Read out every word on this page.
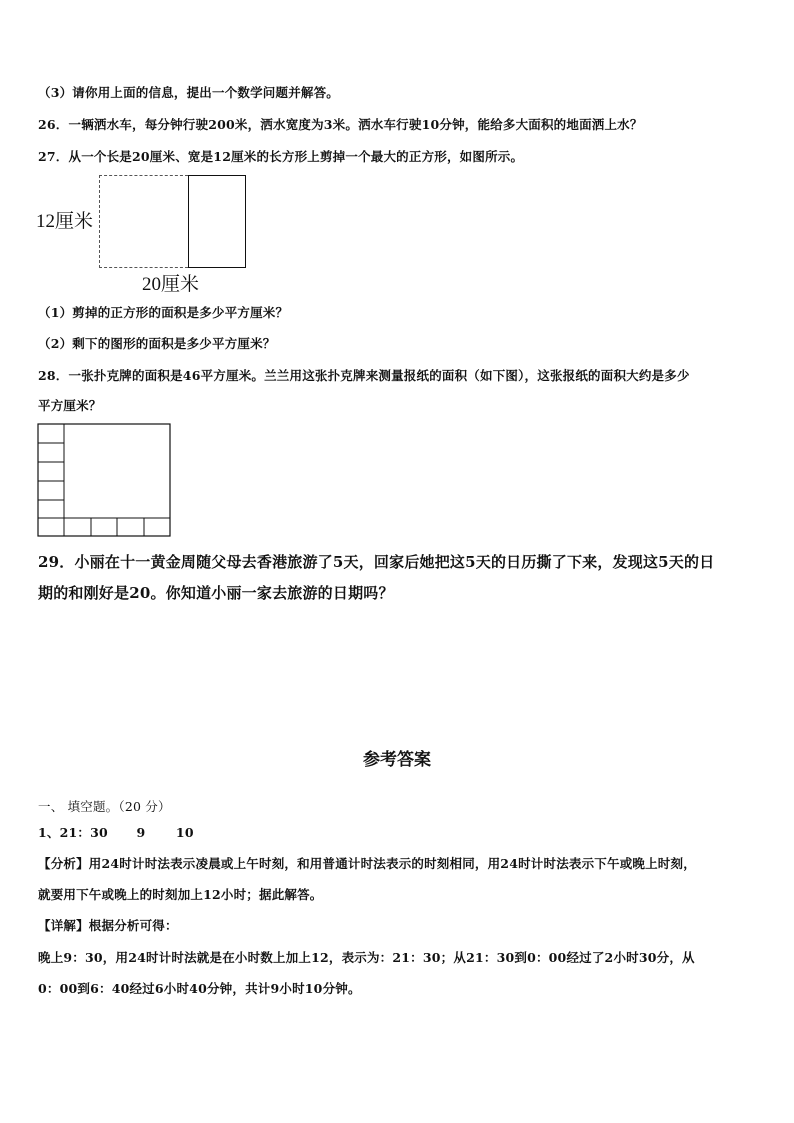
（3）请你用上面的信息，提出一个数学问题并解答。
26．一辆洒水车，每分钟行驶200米，洒水宽度为3米。洒水车行驶10分钟，能给多大面积的地面洒上水？
27．从一个长是20厘米、宽是12厘米的长方形上剪掉一个最大的正方形，如图所示。
12厘米
20厘米
（1）剪掉的正方形的面积是多少平方厘米？
（2）剩下的图形的面积是多少平方厘米？
28．一张扑克牌的面积是46平方厘米。兰兰用这张扑克牌来测量报纸的面积（如下图），这张报纸的面积大约是多少
平方厘米？
29．小丽在十一黄金周随父母去香港旅游了5天，回家后她把这5天的日历撕了下来，发现这5天的日
期的和刚好是20。你知道小丽一家去旅游的日期吗？
参考答案
一、 填空题。（20 分）
1、21：30 9 10
【分析】用24时计时法表示凌晨或上午时刻，和用普通计时法表示的时刻相同，用24时计时法表示下午或晚上时刻，
就要用下午或晚上的时刻加上12小时；据此解答。
【详解】根据分析可得：
晚上9：30，用24时计时法就是在小时数上加上12，表示为：21：30；从21：30到0：00经过了2小时30分，从
0：00到6：40经过6小时40分钟，共计9小时10分钟。
